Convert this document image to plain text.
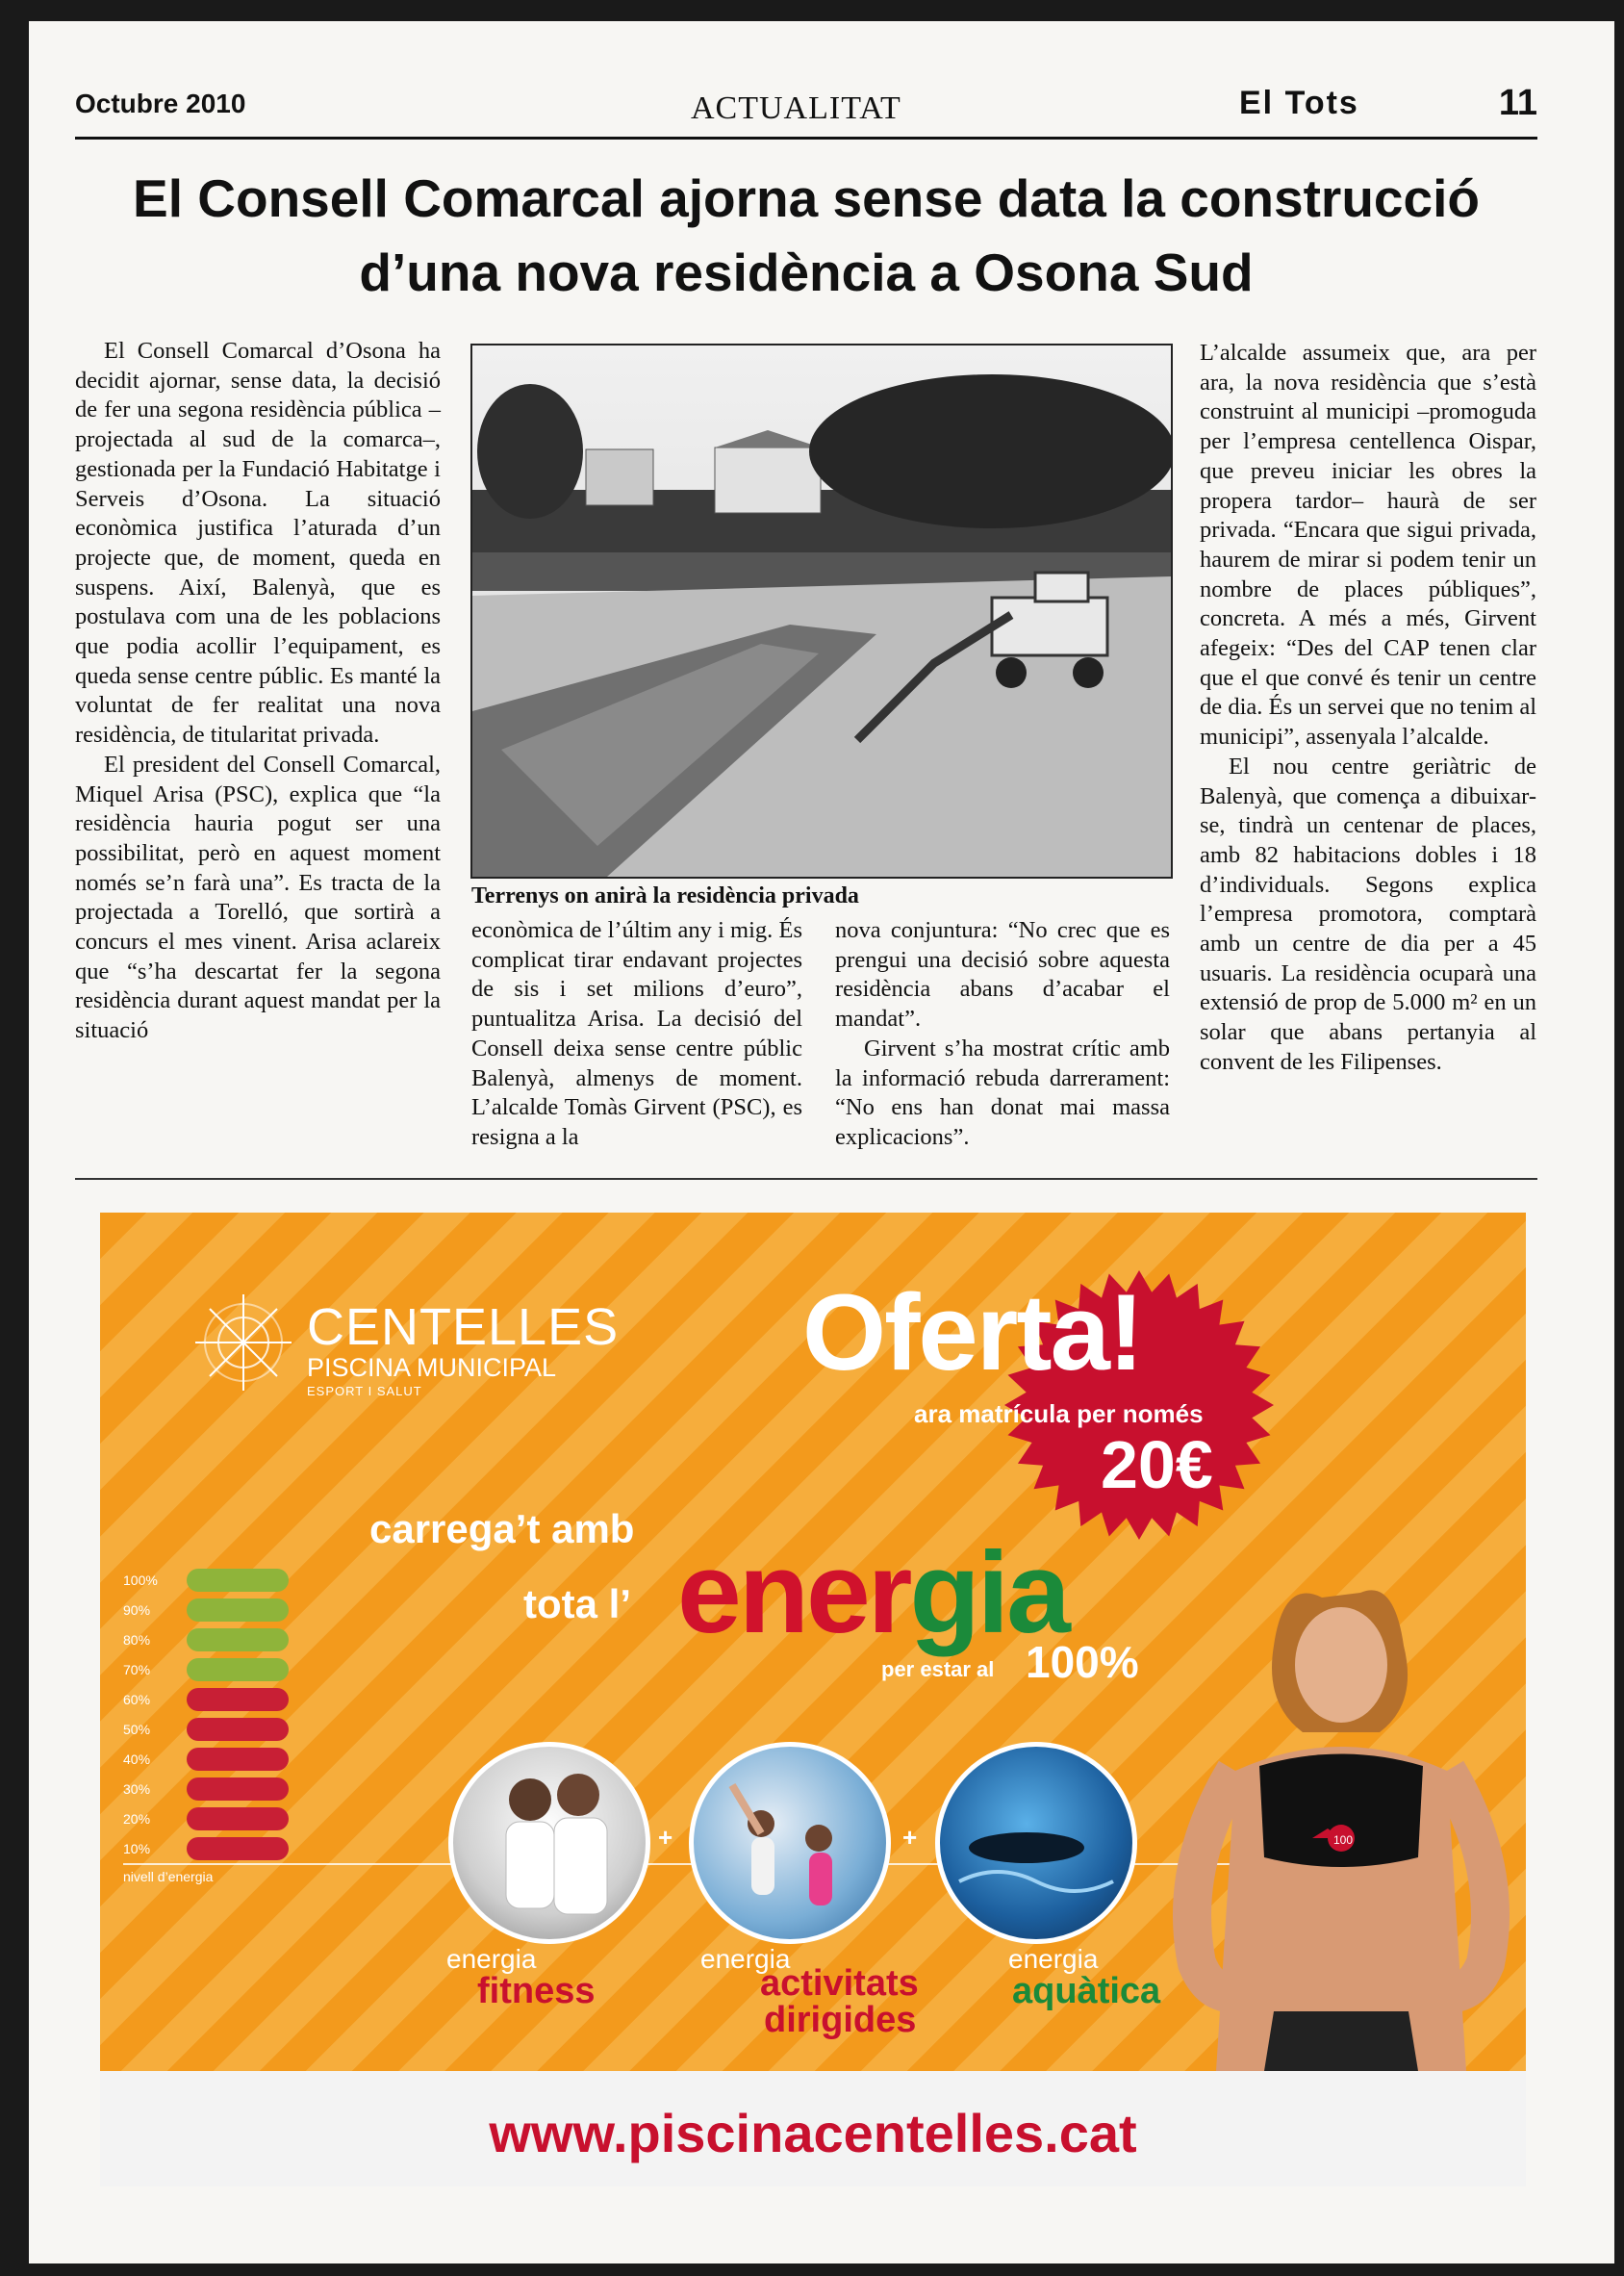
Octubre 2010	ACTUALITAT	El Tots	11
El Consell Comarcal ajorna sense data la construcció d’una nova residència a Osona Sud

El Consell Comarcal d’Osona ha decidit ajornar, sense data, la decisió de fer una segona residència pública –projectada al sud de la comarca–, gestionada per la Fundació Habitatge i Serveis d’Osona. La situació econòmica justifica l’aturada d’un projecte que, de moment, queda en suspens. Així, Balenyà, que es postulava com una de les poblacions que podia acollir l’equipament, es queda sense centre públic. Es manté la voluntat de fer realitat una nova residència, de titularitat privada.

El president del Consell Comarcal, Miquel Arisa (PSC), explica que “la residència hauria pogut ser una possibilitat, però en aquest moment només se’n farà una”. Es tracta de la projectada a Torelló, que sortirà a concurs el mes vinent. Arisa aclareix que “s’ha descartat fer la segona residència durant aquest mandat per la situació

Terrenys on anirà la residència privada

econòmica de l’últim any i mig. És complicat tirar endavant projectes de sis i set milions d’euro”, puntualitza Arisa. La decisió del Consell deixa sense centre públic Balenyà, almenys de moment. L’alcalde Tomàs Girvent (PSC), es resigna a la

nova conjuntura: “No crec que es prengui una decisió sobre aquesta residència abans d’acabar el mandat”.

Girvent s’ha mostrat crític amb la informació rebuda darrerament: “No ens han donat mai massa explicacions”.

L’alcalde assumeix que, ara per ara, la nova residència que s’està construint al municipi –promoguda per l’empresa centellenca Oispar, que preveu iniciar les obres la propera tardor– haurà de ser privada. “Encara que sigui privada, haurem de mirar si podem tenir un nombre de places públiques”, concreta. A més a més, Girvent afegeix: “Des del CAP tenen clar que el que convé és tenir un centre de dia. És un servei que no tenim al municipi”, assenyala l’alcalde.

El nou centre geriàtric de Balenyà, que comença a dibuixar-se, tindrà un centenar de places, amb 82 habitacions dobles i 18 d’individuals. Segons explica l’empresa promotora, comptarà amb un centre de dia per a 45 usuaris. La residència ocuparà una extensió de prop de 5.000 m² en un solar que abans pertanyia al convent de les Filipenses.

CENTELLES
PISCINA MUNICIPAL
ESPORT I SALUT	Oferta!
ara matrícula per només
20€
carrega’t amb
tota l’ energia
per estar al 100%
100%
90%
80%
70%
60%
50%
40%
30%
20%
10%
nivell d’energia
+	+
energia
fitness
energia
activitats
dirigides
energia
aquàtica
100
www.piscinacentelles.cat
